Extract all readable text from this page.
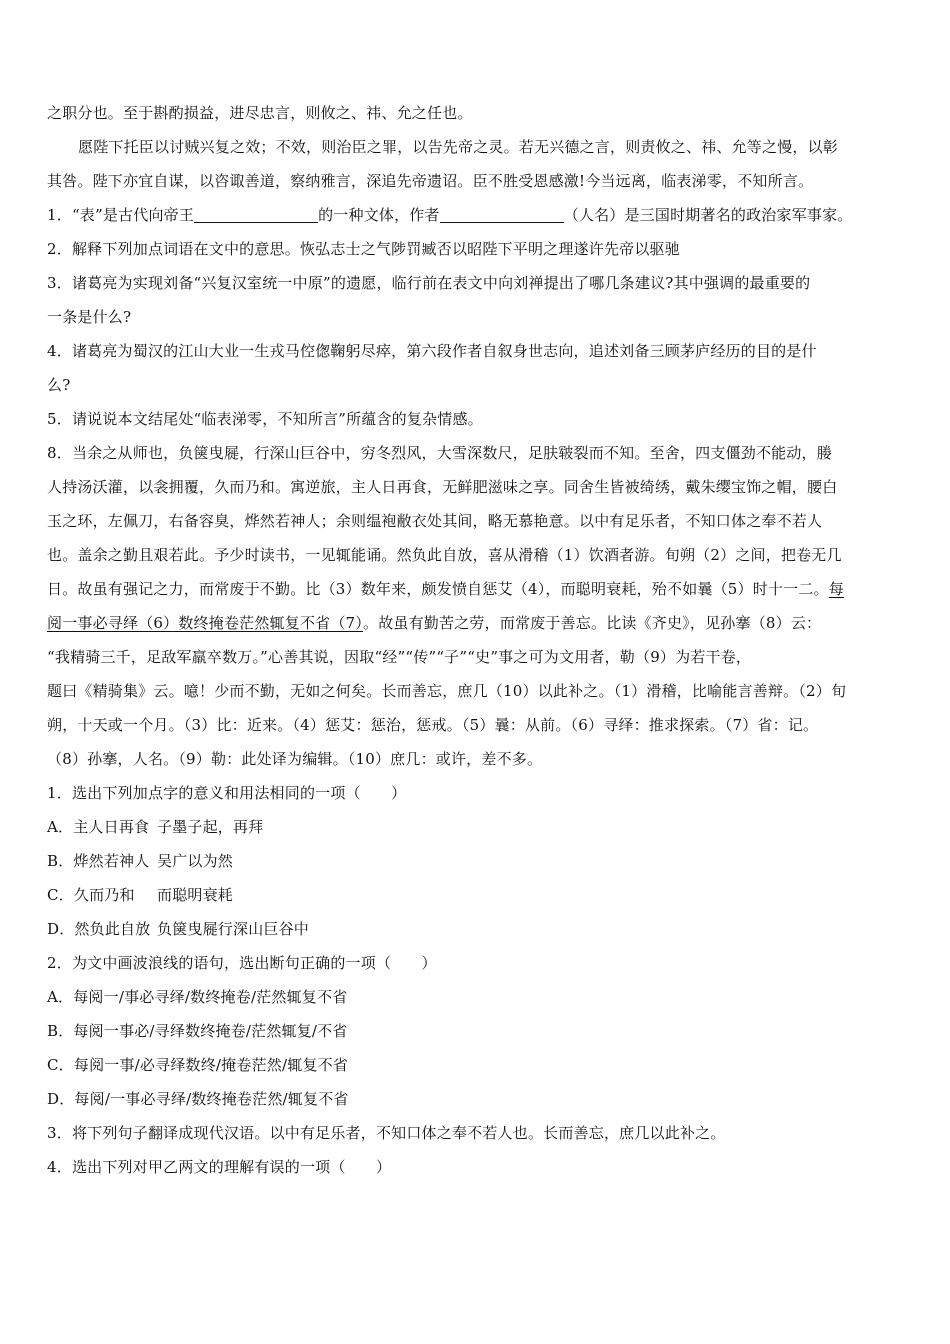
之职分也。至于斟酌损益，进尽忠言，则攸之、祎、允之任也。
愿陛下托臣以讨贼兴复之效；不效，则治臣之罪，以告先帝之灵。若无兴德之言，则责攸之、祎、允等之慢，以彰
其咎。陛下亦宜自谋，以咨诹善道，察纳雅言，深追先帝遗诏。臣不胜受恩感激!今当远离，临表涕零，不知所言。
1．“表”是古代向帝王	的一种文体，作者	（人名）是三国时期著名的政治家军事家。
2．解释下列加点词语在文中的意思。恢弘志士之气陟罚臧否以昭陛下平明之理遂许先帝以驱驰
3．诸葛亮为实现刘备“兴复汉室统一中原”的遗愿，临行前在表文中向刘禅提出了哪几条建议?其中强调的最重要的
一条是什么?
4．诸葛亮为蜀汉的江山大业一生戎马倥偬鞠躬尽瘁，第六段作者自叙身世志向，追述刘备三顾茅庐经历的目的是什
么?
5．请说说本文结尾处“临表涕零，不知所言”所蕴含的复杂情感。
8．当余之从师也，负箧曳屣，行深山巨谷中，穷冬烈风，大雪深数尺，足肤皲裂而不知。至舍，四支僵劲不能动，媵
人持汤沃灌，以衾拥覆，久而乃和。寓逆旅，主人日再食，无鲜肥滋味之享。同舍生皆被绮绣，戴朱缨宝饰之帽，腰白
玉之环，左佩刀，右备容臭，烨然若神人；余则缊袍敝衣处其间，略无慕艳意。以中有足乐者，不知口体之奉不若人
也。盖余之勤且艰若此。予少时读书，一见辄能诵。然负此自放，喜从滑稽（1）饮酒者游。旬朔（2）之间，把卷无几
日。故虽有强记之力，而常废于不勤。比（3）数年来，颇发愤自惩艾（4），而聪明衰耗，殆不如曩（5）时十一二。每
阅一事必寻绎（6）数终掩卷茫然辄复不省（7）。故虽有勤苦之劳，而常废于善忘。比读《齐史》，见孙搴（8）云：
“我精骑三千，足敌军羸卒数万。”心善其说，因取“经”“传”“子”“史”事之可为文用者，勒（9）为若干卷，
题曰《精骑集》云。噫！少而不勤，无如之何矣。长而善忘，庶几（10）以此补之。（1）滑稽，比喻能言善辩。（2）旬
朔，十天或一个月。（3）比：近来。（4）惩艾：惩治，惩戒。（5）曩：从前。（6）寻绎：推求探索。（7）省：记。
（8）孙搴，人名。（9）勒：此处译为编辑。（10）庶几：或许，差不多。
1．选出下列加点字的意义和用法相同的一项（　　）
A．主人日再食 子墨子起，再拜
B．烨然若神人 吴广以为然
C．久而乃和 而聪明衰耗
D．然负此自放 负箧曳屣行深山巨谷中
2．为文中画波浪线的语句，选出断句正确的一项（　　）
A．每阅一/事必寻绎/数终掩卷/茫然辄复不省
B．每阅一事必/寻绎数终掩卷/茫然辄复/不省
C．每阅一事/必寻绎数终/掩卷茫然/辄复不省
D．每阅/一事必寻绎/数终掩卷茫然/辄复不省
3．将下列句子翻译成现代汉语。以中有足乐者，不知口体之奉不若人也。长而善忘，庶几以此补之。
4．选出下列对甲乙两文的理解有误的一项（　　）
